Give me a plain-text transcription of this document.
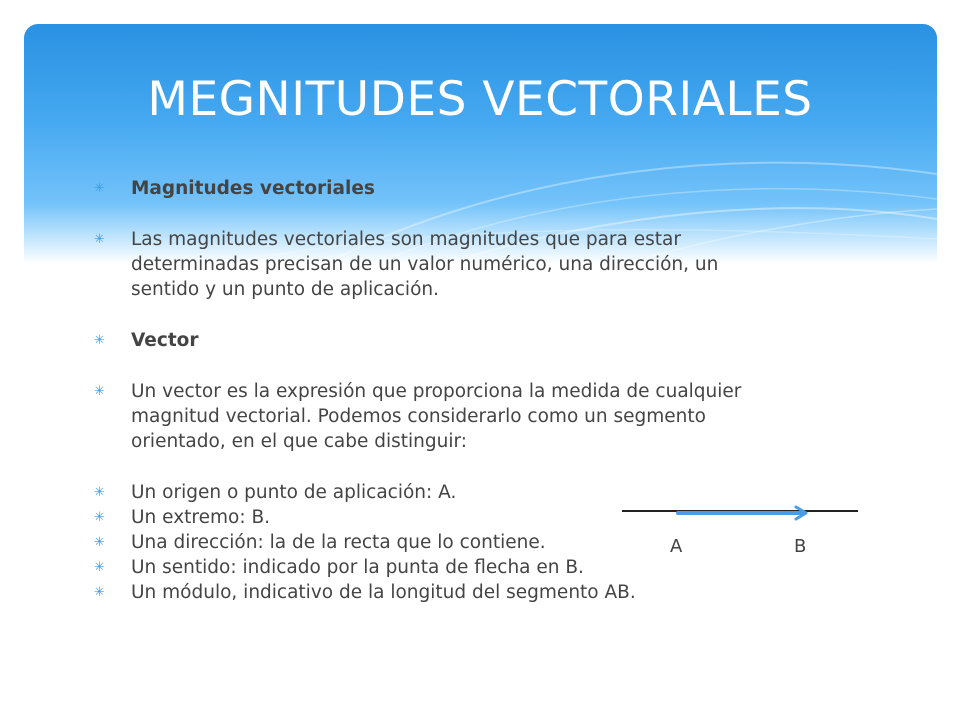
MEGNITUDES VECTORIALES
✳ Magnitudes vectoriales
✳ Las magnitudes vectoriales son magnitudes que para estar
determinadas precisan de un valor numérico, una dirección, un
sentido y un punto de aplicación.
✳ Vector
✳ Un vector es la expresión que proporciona la medida de cualquier
magnitud vectorial. Podemos considerarlo como un segmento
orientado, en el que cabe distinguir:
✳ Un origen o punto de aplicación: A.
✳ Un extremo: B.
✳ Una dirección: la de la recta que lo contiene.
✳ Un sentido: indicado por la punta de flecha en B.
✳ Un módulo, indicativo de la longitud del segmento AB.
A	B
